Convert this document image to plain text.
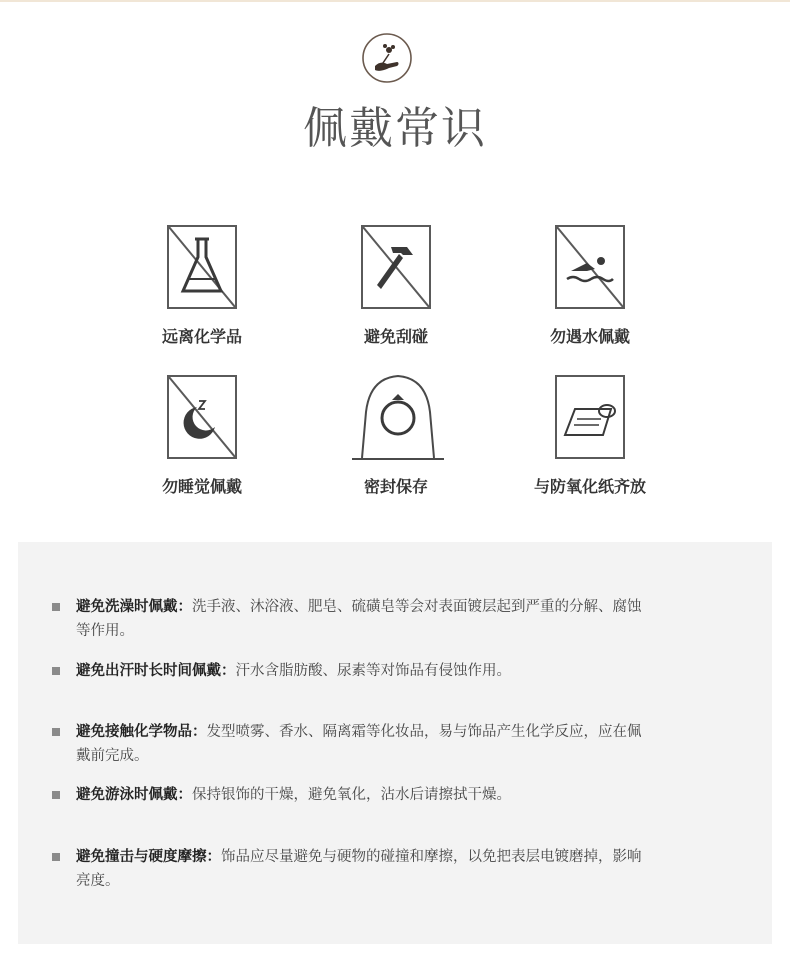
佩戴常识
远离化学品	避免刮碰	勿遇水佩戴
勿睡觉佩戴	密封保存	与防氧化纸齐放
避免洗澡时佩戴：洗手液、沐浴液、肥皂、硫磺皂等会对表面镀层起到严重的分解、腐蚀
等作用。
避免出汗时长时间佩戴：汗水含脂肪酸、尿素等对饰品有侵蚀作用。
避免接触化学物品：发型喷雾、香水、隔离霜等化妆品，易与饰品产生化学反应，应在佩
戴前完成。
避免游泳时佩戴：保持银饰的干燥，避免氧化，沾水后请擦拭干燥。
避免撞击与硬度摩擦：饰品应尽量避免与硬物的碰撞和摩擦，以免把表层电镀磨掉，影响
亮度。
